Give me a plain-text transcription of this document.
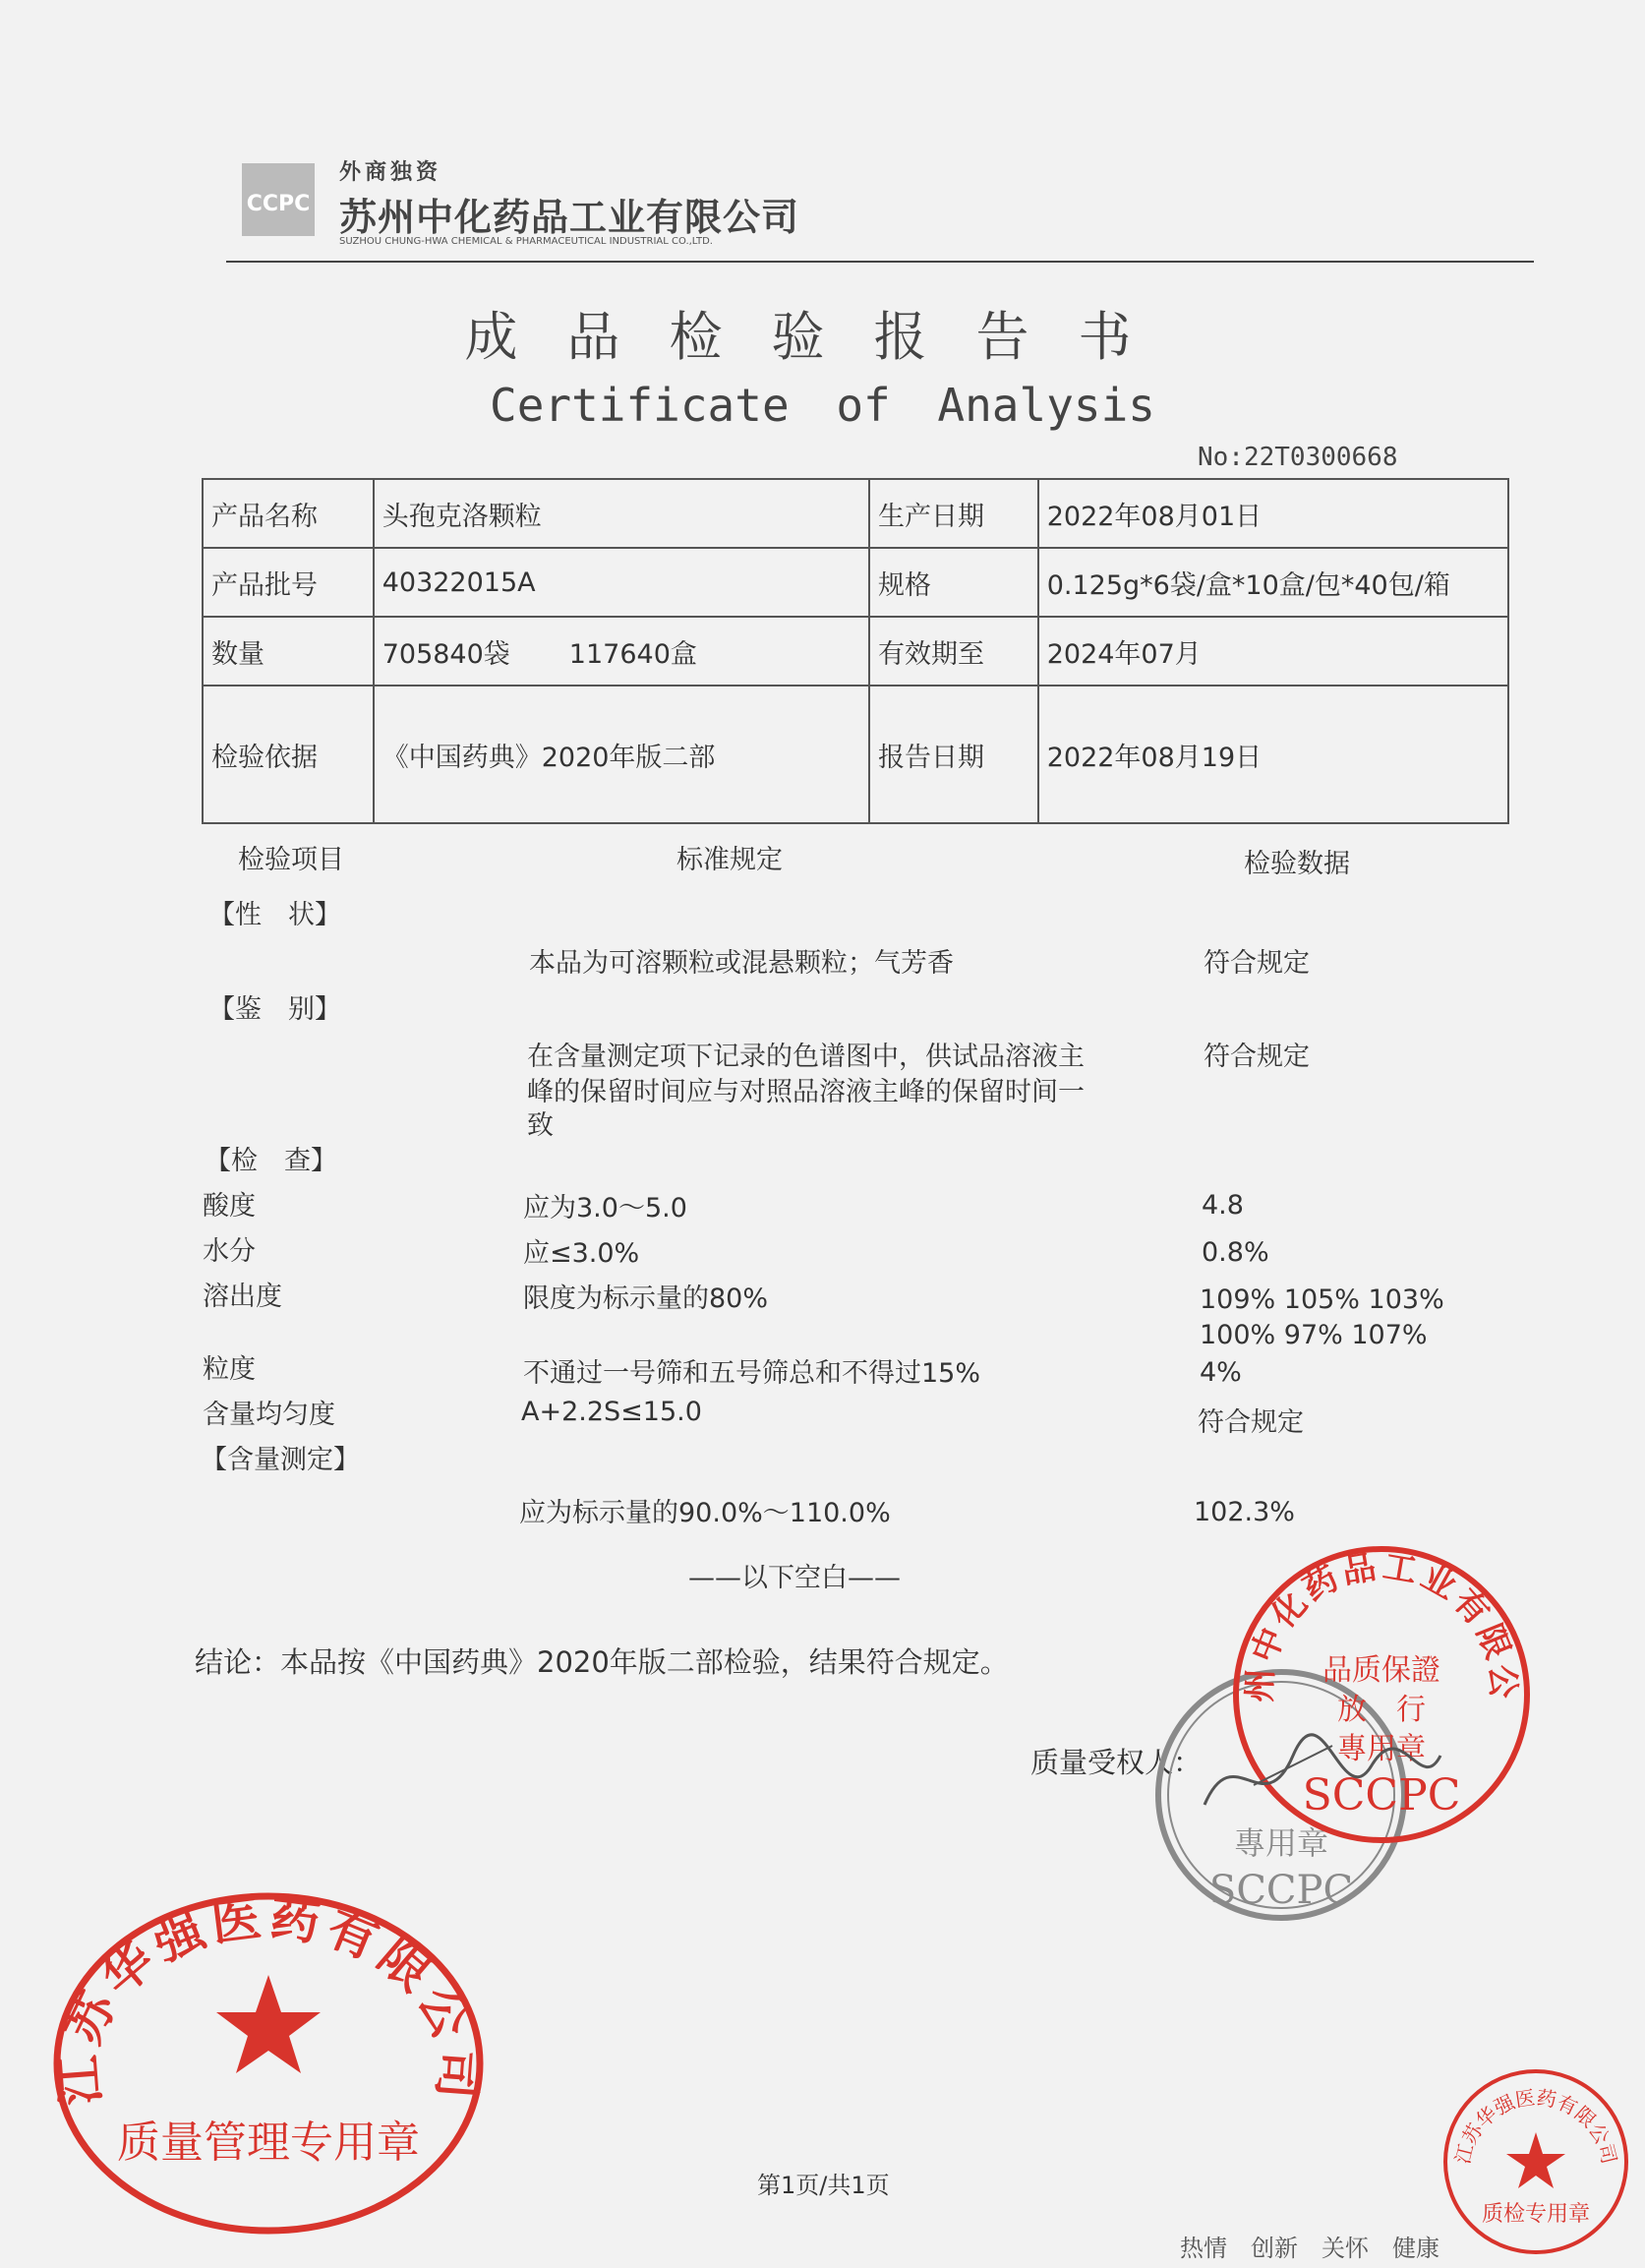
CCPC
外商独资
苏州中化药品工业有限公司
SUZHOU CHUNG-HWA CHEMICAL & PHARMACEUTICAL INDUSTRIAL CO.,LTD.
成品检验报告书
Certificate of Analysis
No:22T0300668
产品名称	头孢克洛颗粒	生产日期	2022年08月01日
产品批号	40322015A	规格	0.125g*6袋/盒*10盒/包*40包/箱
数量	705840袋 117640盒	有效期至	2024年07月
检验依据	《中国药典》2020年版二部	报告日期	2022年08月19日
检验项目	标准规定	检验数据
【性　状】
本品为可溶颗粒或混悬颗粒；气芳香	符合规定
【鉴　别】
在含量测定项下记录的色谱图中，供试品溶液主
峰的保留时间应与对照品溶液主峰的保留时间一
致
符合规定
【检　查】
酸度	应为3.0～5.0	4.8
水分	应≤3.0%	0.8%
溶出度	限度为标示量的80%	109% 105% 103%
100% 97% 107%
粒度	不通过一号筛和五号筛总和不得过15%	4%
含量均匀度	A+2.2S≤15.0	符合规定
【含量测定】
应为标示量的90.0%～110.0%	102.3%
——以下空白——
结论：本品按《中国药典》2020年版二部检验，结果符合规定。
质量受权人：
專用章
SCCPC
州中化药品工业有限公
品质保證
放　行
專用章
SCCPC
江苏华强医药有限公司
质量管理专用章	江苏华强医药有限公司
质检专用章
第1页/共1页
热情　创新　关怀　健康
